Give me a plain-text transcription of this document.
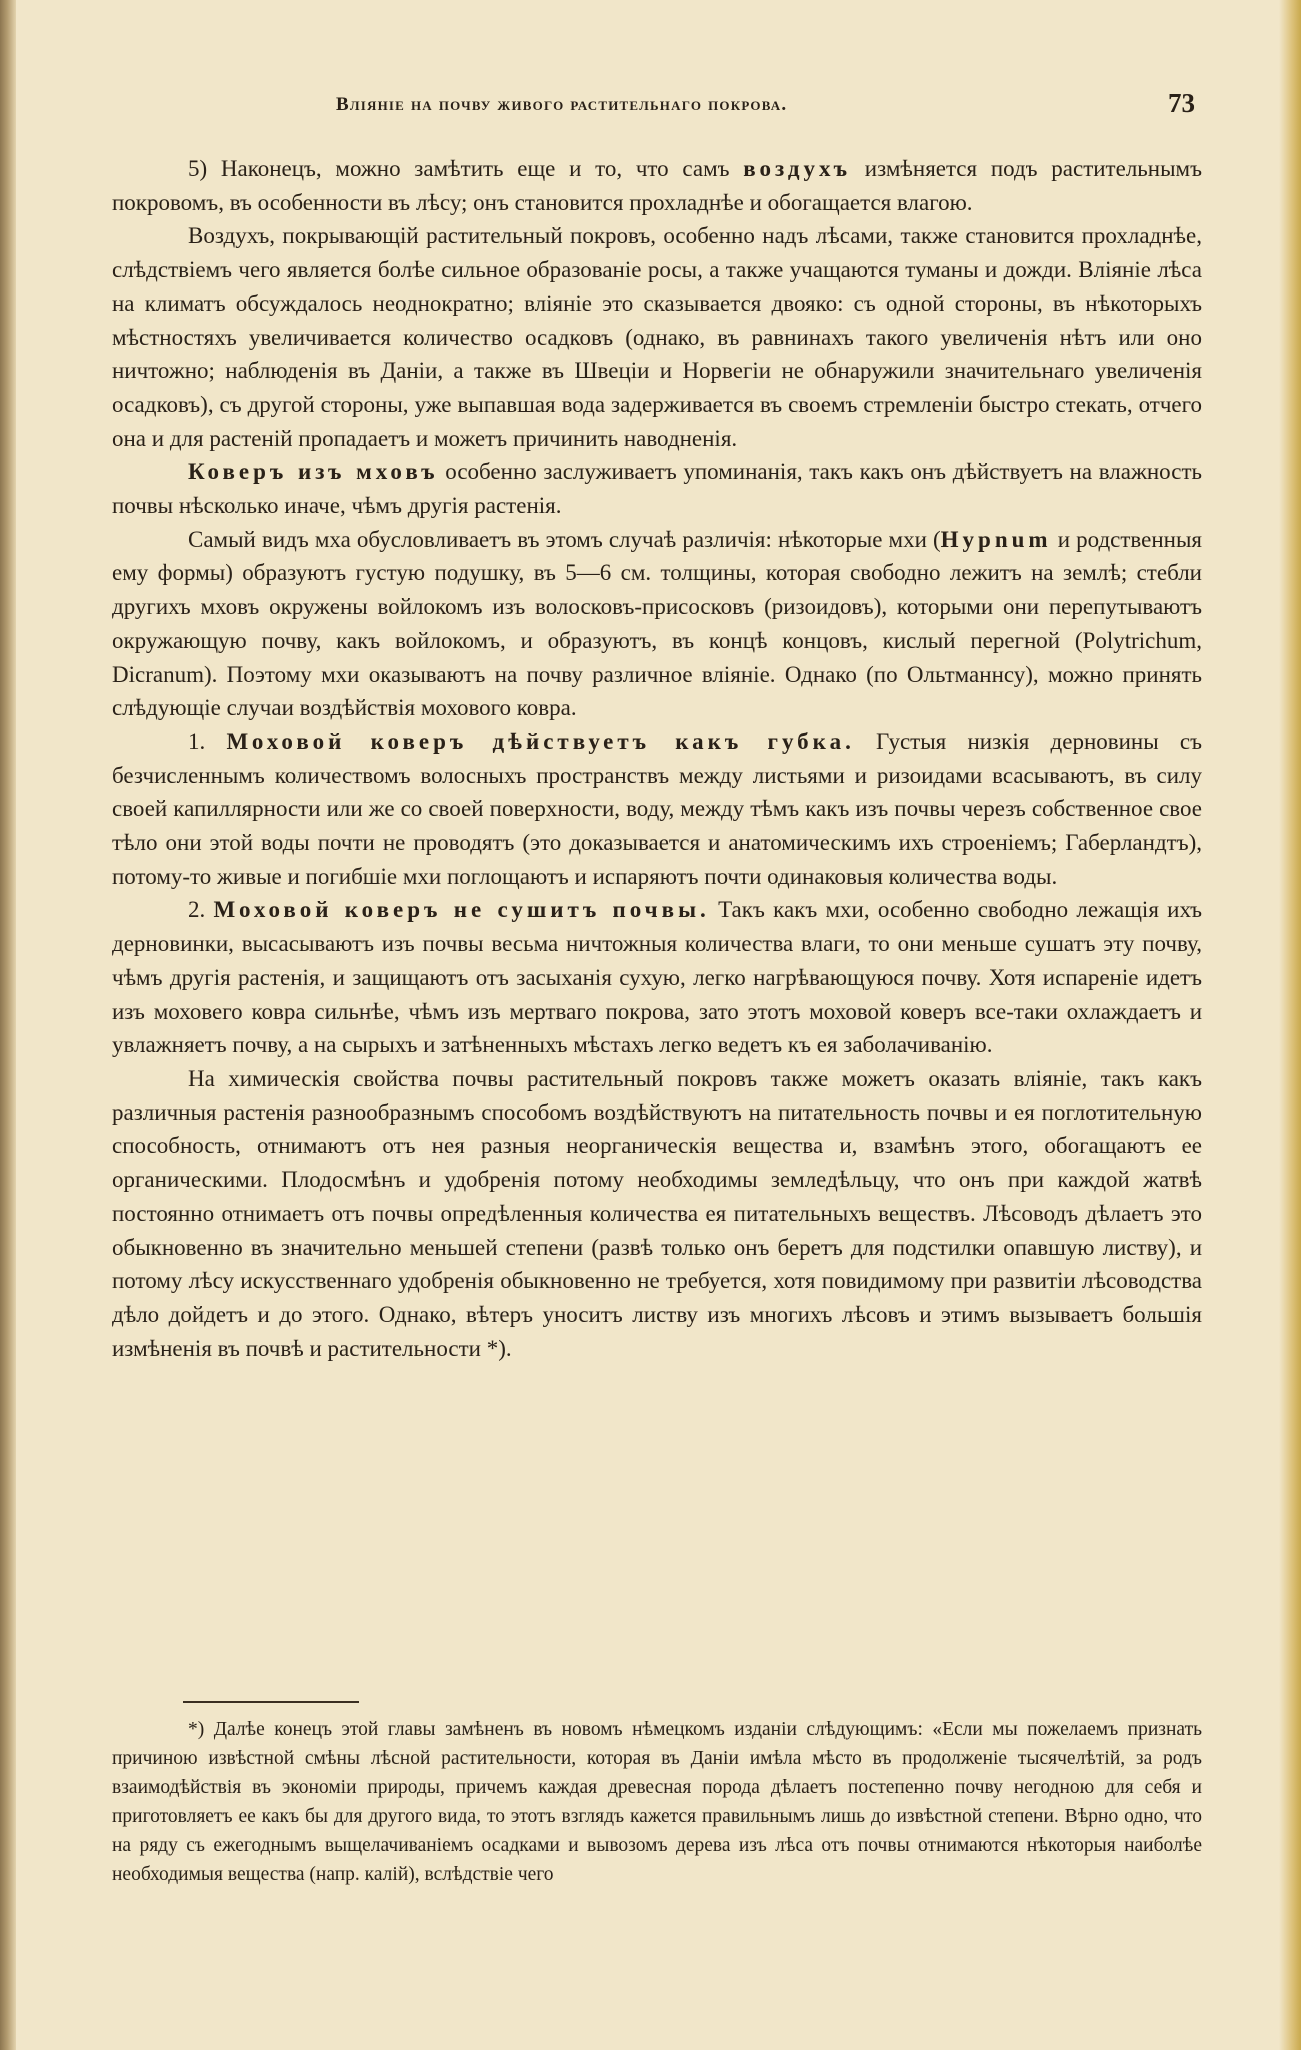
Вліяніе на почву живого растительнаго покрова.	73

5) Наконецъ, можно замѣтить еще и то, что самъ воздухъ измѣняется подъ растительнымъ покровомъ, въ особенности въ лѣсу; онъ становится прохладнѣе и обогащается влагою.

Воздухъ, покрывающій растительный покровъ, особенно надъ лѣсами, также становится прохладнѣе, слѣдствіемъ чего является болѣе сильное образованіе росы, а также учащаются туманы и дожди. Вліяніе лѣса на климатъ обсуждалось неоднократно; вліяніе это сказывается двояко: съ одной стороны, въ нѣкоторыхъ мѣстностяхъ увеличивается количество осадковъ (однако, въ равнинахъ такого увеличенія нѣтъ или оно ничтожно; наблюденія въ Даніи, а также въ Швеціи и Норвегіи не обнаружили значительнаго увеличенія осадковъ), съ другой стороны, уже выпавшая вода задерживается въ своемъ стремленіи быстро стекать, отчего она и для растеній пропадаетъ и можетъ причинить наводненія.

Коверъ изъ мховъ особенно заслуживаетъ упоминанія, такъ какъ онъ дѣйствуетъ на влажность почвы нѣсколько иначе, чѣмъ другія растенія.

Самый видъ мха обусловливаетъ въ этомъ случаѣ различія: нѣкоторые мхи (Hypnum и родственныя ему формы) образуютъ густую подушку, въ 5—6 см. толщины, которая свободно лежитъ на землѣ; стебли другихъ мховъ окружены войлокомъ изъ волосковъ-присосковъ (ризоидовъ), которыми они перепутываютъ окружающую почву, какъ войлокомъ, и образуютъ, въ концѣ концовъ, кислый перегной (Polytrichum, Dicranum). Поэтому мхи оказываютъ на почву различное вліяніе. Однако (по Ольтманнсу), можно принять слѣдующіе случаи воздѣйствія мохового ковра.

1. Моховой коверъ дѣйствуетъ какъ губка. Густыя низкія дерновины съ безчисленнымъ количествомъ волосныхъ пространствъ между листьями и ризоидами всасываютъ, въ силу своей капиллярности или же со своей поверхности, воду, между тѣмъ какъ изъ почвы черезъ собственное свое тѣло они этой воды почти не проводятъ (это доказывается и анатомическимъ ихъ строеніемъ; Габерландтъ), потому-то живые и погибшіе мхи поглощаютъ и испаряютъ почти одинаковыя количества воды.

2. Моховой коверъ не сушитъ почвы. Такъ какъ мхи, особенно свободно лежащія ихъ дерновинки, высасываютъ изъ почвы весьма ничтожныя количества влаги, то они меньше сушатъ эту почву, чѣмъ другія растенія, и защищаютъ отъ засыханія сухую, легко нагрѣвающуюся почву. Хотя испареніе идетъ изъ моховего ковра сильнѣе, чѣмъ изъ мертваго покрова, зато этотъ моховой коверъ все-таки охлаждаетъ и увлажняетъ почву, а на сырыхъ и затѣненныхъ мѣстахъ легко ведетъ къ ея заболачиванію.

На химическія свойства почвы растительный покровъ также можетъ оказать вліяніе, такъ какъ различныя растенія разнообразнымъ способомъ воздѣйствуютъ на питательность почвы и ея поглотительную способность, отнимаютъ отъ нея разныя неорганическія вещества и, взамѣнъ этого, обогащаютъ ее органическими. Плодосмѣнъ и удобренія потому необходимы земледѣльцу, что онъ при каждой жатвѣ постоянно отнимаетъ отъ почвы опредѣленныя количества ея питательныхъ веществъ. Лѣсоводъ дѣлаетъ это обыкновенно въ значительно меньшей степени (развѣ только онъ беретъ для подстилки опавшую листву), и потому лѣсу искусственнаго удобренія обыкновенно не требуется, хотя повидимому при развитіи лѣсоводства дѣло дойдетъ и до этого. Однако, вѣтеръ уноситъ листву изъ многихъ лѣсовъ и этимъ вызываетъ большія измѣненія въ почвѣ и растительности *).

*) Далѣе конецъ этой главы замѣненъ въ новомъ нѣмецкомъ изданіи слѣдующимъ: «Если мы пожелаемъ признать причиною извѣстной смѣны лѣсной растительности, которая въ Даніи имѣла мѣсто въ продолженіе тысячелѣтій, за родъ взаимодѣйствія въ экономіи природы, причемъ каждая древесная порода дѣлаетъ постепенно почву негодною для себя и приготовляетъ ее какъ бы для другого вида, то этотъ взглядъ кажется правильнымъ лишь до извѣстной степени. Вѣрно одно, что на ряду съ ежегоднымъ выщелачиваніемъ осадками и вывозомъ дерева изъ лѣса отъ почвы отнимаются нѣкоторыя наиболѣе необходимыя вещества (напр. калій), вслѣдствіе чего
